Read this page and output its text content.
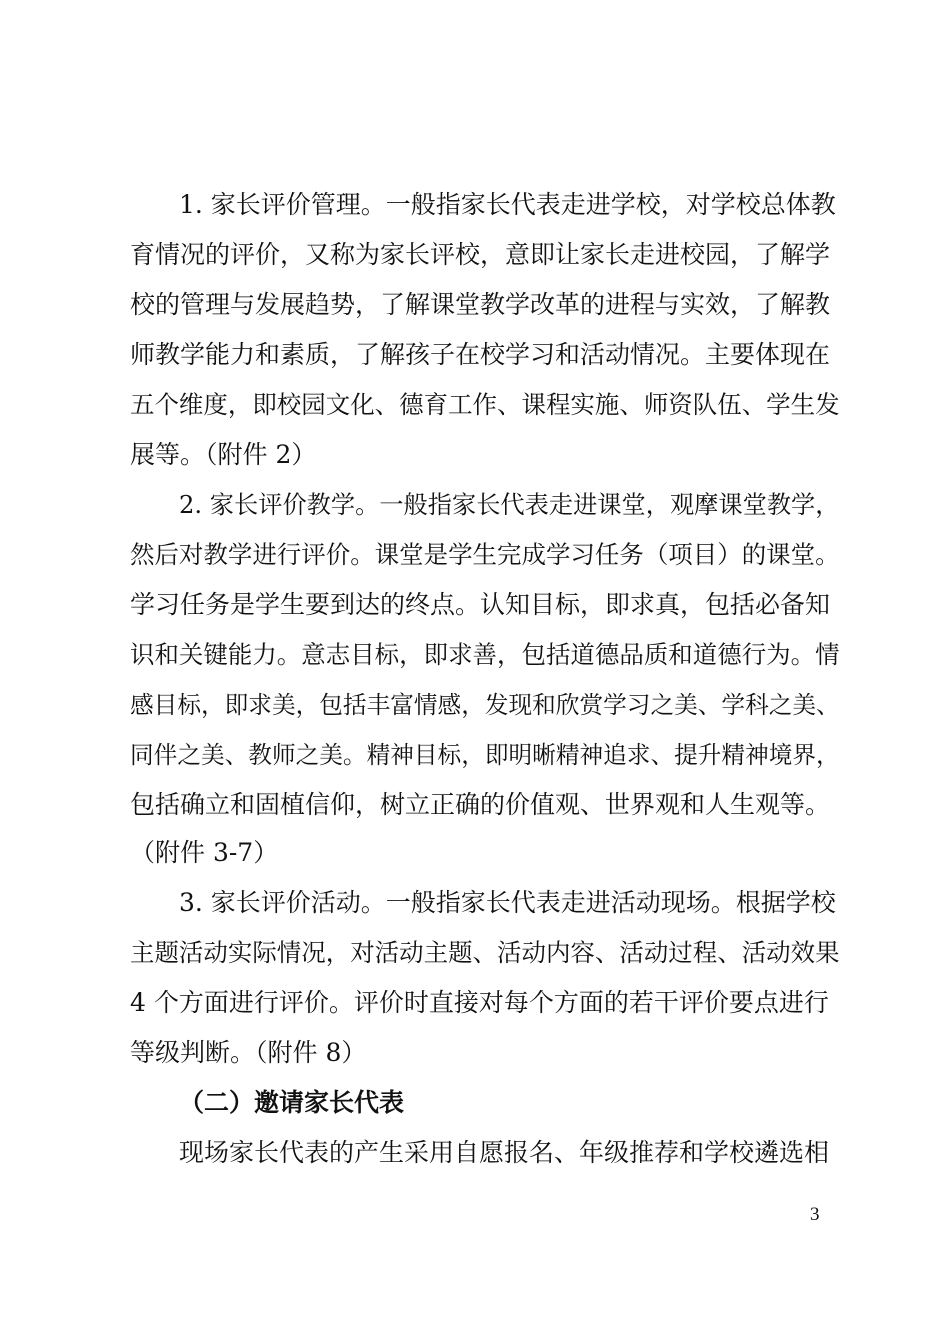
1. 家长评价管理。一般指家长代表走进学校，对学校总体教
育情况的评价，又称为家长评校，意即让家长走进校园，了解学
校的管理与发展趋势，了解课堂教学改革的进程与实效，了解教
师教学能力和素质，了解孩子在校学习和活动情况。主要体现在
五个维度，即校园文化、德育工作、课程实施、师资队伍、学生发
展等。（附件 2）
2. 家长评价教学。一般指家长代表走进课堂，观摩课堂教学，
然后对教学进行评价。课堂是学生完成学习任务（项目）的课堂。
学习任务是学生要到达的终点。认知目标，即求真，包括必备知
识和关键能力。意志目标，即求善，包括道德品质和道德行为。情
感目标，即求美，包括丰富情感，发现和欣赏学习之美、学科之美、
同伴之美、教师之美。精神目标，即明晰精神追求、提升精神境界，
包括确立和固植信仰，树立正确的价值观、世界观和人生观等。
（附件 3-7）
3. 家长评价活动。一般指家长代表走进活动现场。根据学校
主题活动实际情况，对活动主题、活动内容、活动过程、活动效果
4 个方面进行评价。评价时直接对每个方面的若干评价要点进行
等级判断。（附件 8）
（二）邀请家长代表
现场家长代表的产生采用自愿报名、年级推荐和学校遴选相
3
